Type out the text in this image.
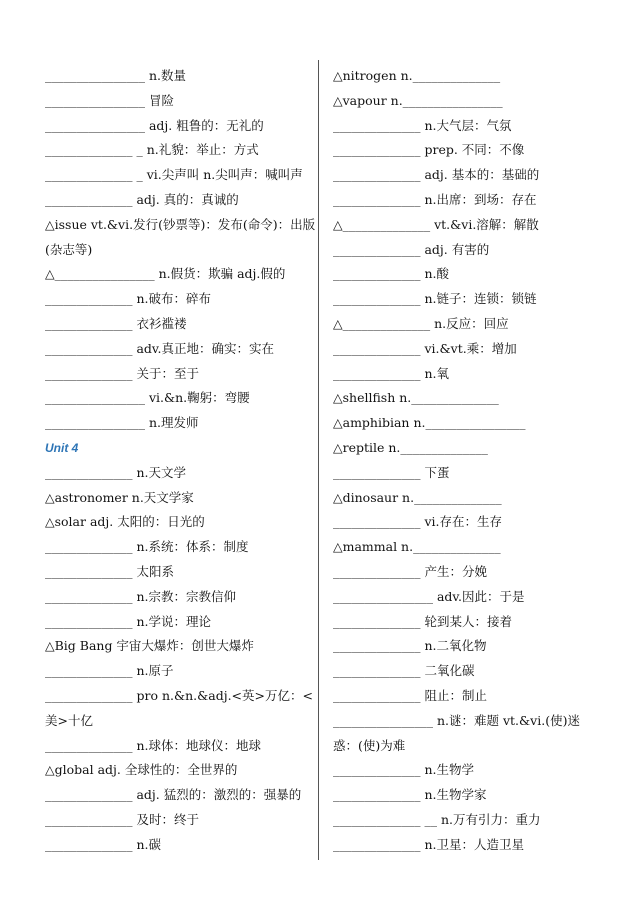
________________ n.数量
________________ 冒险
________________ adj. 粗鲁的：无礼的
______________ _ n.礼貌：举止：方式
______________ _ vi.尖声叫 n.尖叫声：喊叫声
______________ adj. 真的：真诚的
△issue vt.&vi.发行(钞票等)：发布(命令)：出版(杂志等)
△________________ n.假货：欺骗 adj.假的
______________ n.破布：碎布
______________ 衣衫褴褛
______________ adv.真正地：确实：实在
______________ 关于：至于
________________ vi.&n.鞠躬：弯腰
________________ n.理发师
Unit 4
______________ n.天文学
△astronomer n.天文学家
△solar adj. 太阳的：日光的
______________ n.系统：体系：制度
______________ 太阳系
______________ n.宗教：宗教信仰
______________ n.学说：理论
△Big Bang 宇宙大爆炸：创世大爆炸
______________ n.原子
______________ pro n.&n.&adj.<英>万亿：<美>十亿
______________ n.球体：地球仪：地球
△global adj. 全球性的：全世界的
______________ adj. 猛烈的：激烈的：强暴的
______________ 及时：终于
______________ n.碳
△nitrogen n.______________
△vapour n.________________
______________ n.大气层：气氛
______________ prep. 不同：不像
______________ adj. 基本的：基础的
______________ n.出席：到场：存在
△______________ vt.&vi.溶解：解散
______________ adj. 有害的
______________ n.酸
______________ n.链子：连锁：锁链
△______________ n.反应：回应
______________ vi.&vt.乘：增加
______________ n.氧
△shellfish n.______________
△amphibian n.________________
△reptile n.______________
______________ 下蛋
△dinosaur n.______________
______________ vi.存在：生存
△mammal n.______________
______________ 产生：分娩
________________ adv.因此：于是
______________ 轮到某人：接着
______________ n.二氧化物
______________ 二氧化碳
______________ 阻止：制止
________________ n.谜：难题 vt.&vi.(使)迷惑：(使)为难
______________ n.生物学
______________ n.生物学家
______________ __ n.万有引力：重力
______________ n.卫星：人造卫星
